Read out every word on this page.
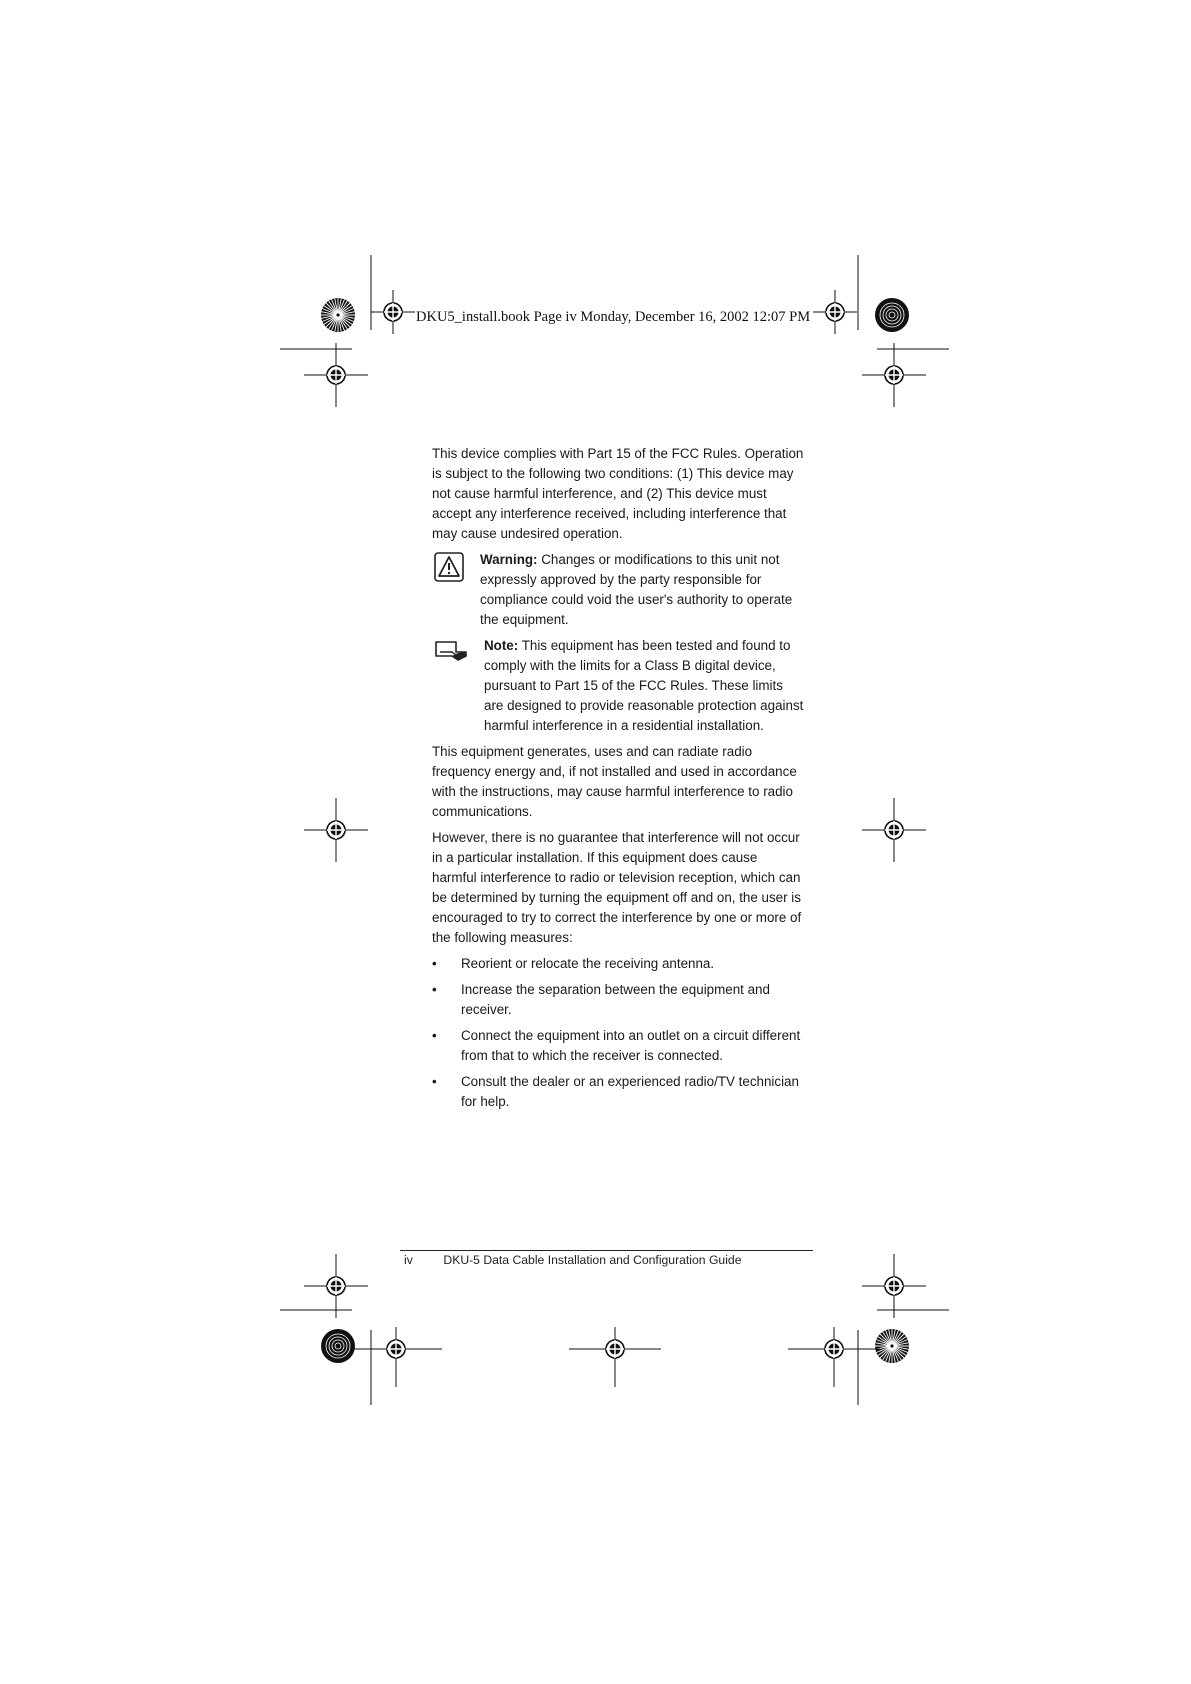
DKU5_install.book Page iv Monday, December 16, 2002 12:07 PM

This device complies with Part 15 of the FCC Rules. Operation is subject to the following two conditions: (1) This device may not cause harmful interference, and (2) This device must accept any interference received, including interference that may cause undesired operation.

Warning: Changes or modifications to this unit not expressly approved by the party responsible for compliance could void the user's authority to operate the equipment.
Note: This equipment has been tested and found to comply with the limits for a Class B digital device, pursuant to Part 15 of the FCC Rules. These limits are designed to provide reasonable protection against harmful interference in a residential installation.

This equipment generates, uses and can radiate radio frequency energy and, if not installed and used in accordance with the instructions, may cause harmful interference to radio communications.

However, there is no guarantee that interference will not occur in a particular installation. If this equipment does cause harmful interference to radio or television reception, which can be determined by turning the equipment off and on, the user is encouraged to try to correct the interference by one or more of the following measures:

• Reorient or relocate the receiving antenna.
• Increase the separation between the equipment and receiver.
• Connect the equipment into an outlet on a circuit different from that to which the receiver is connected.
• Consult the dealer or an experienced radio/TV technician for help.
iv	DKU-5 Data Cable Installation and Configuration Guide
